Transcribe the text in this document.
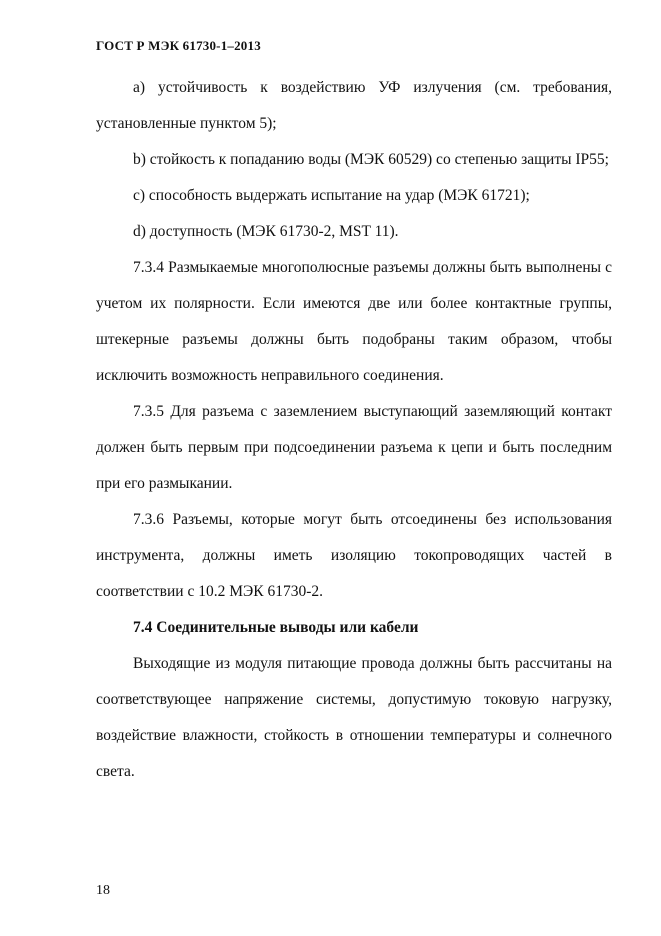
ГОСТ Р МЭК 61730-1–2013

а) устойчивость к воздействию УФ излучения (см. требования, установленные пунктом 5);

b) стойкость к попаданию воды (МЭК 60529) со степенью защиты IP55;

с) способность выдержать испытание на удар (МЭК 61721);

d) доступность (МЭК 61730-2, MST 11).

7.3.4 Размыкаемые многополюсные разъемы должны быть выполнены с учетом их полярности. Если имеются две или более контактные группы, штекерные разъемы должны быть подобраны таким образом, чтобы исключить возможность неправильного соединения.

7.3.5 Для разъема с заземлением выступающий заземляющий контакт должен быть первым при подсоединении разъема к цепи и быть последним при его размыкании.

7.3.6 Разъемы, которые могут быть отсоединены без использования инструмента, должны иметь изоляцию токопроводящих частей в соответствии с 10.2 МЭК 61730-2.

7.4 Соединительные выводы или кабели

Выходящие из модуля питающие провода должны быть рассчитаны на соответствующее напряжение системы, допустимую токовую нагрузку, воздействие влажности, стойкость в отношении температуры и солнечного света.

18
